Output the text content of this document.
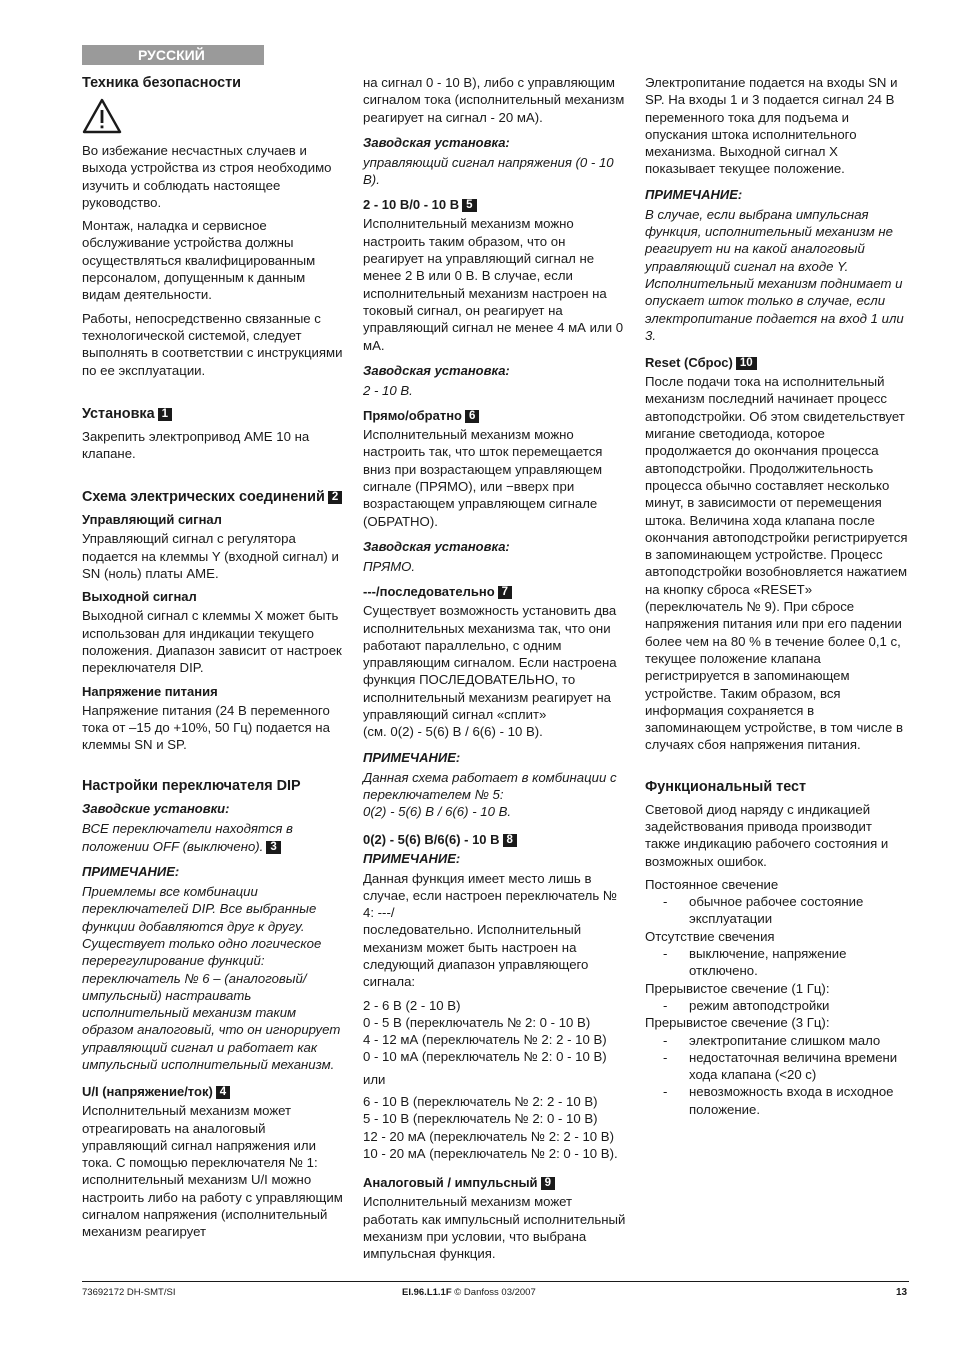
РУССКИЙ
Техника безопасности

Во избежание несчастных случаев и выхода устройства из строя необходимо изучить и соблюдать настоящее руководство.

Монтаж, наладка и сервисное обслуживание устройства должны осуществляться квалифицированным персоналом, допущенным к данным видам деятельности.

Работы, непосредственно связанные с технологической системой, следует выполнять в соответствии с инструкциями по ее эксплуатации.

Установка 1

Закрепить электропривод AME 10 на клапане.

Схема электрических соединений 2
Управляющий сигнал

Управляющий сигнал с регулятора подается на клеммы Y (входной сигнал) и SN (ноль) платы AME.

Выходной сигнал

Выходной сигнал с клеммы X может быть использован для индикации текущего положения. Диапазон зависит от настроек переключателя DIP.

Напряжение питания

Напряжение питания (24 В переменного тока от –15 до +10%, 50 Гц) подается на клеммы SN и SP.

Настройки переключателя DIP
Заводские установки:

ВСЕ переключатели находятся в положении OFF (выключено). 3

ПРИМЕЧАНИЕ:

Приемлемы все комбинации переключателей DIP. Все выбранные функции добавляются друг к другу. Существует только одно логическое перерегулирование функций: переключатель № 6 – (аналоговый/импульсный) настраивать исполнительный механизм таким образом аналоговый, что он игнорирует управляющий сигнал и работает как импульсный исполнительный механизм.

U/I (напряжение/ток) 4

Исполнительный механизм может отреагировать на аналоговый управляющий сигнал напряжения или тока. С помощью переключателя № 1: исполнительный механизм U/I можно настроить либо на работу с управляющим сигналом напряжения (исполнительный механизм реагирует

на сигнал 0 - 10 В), либо с управляющим сигналом тока (исполнительный механизм реагирует на сигнал - 20 мА).

Заводская установка:

управляющий сигнал напряжения (0 - 10 В).

2 - 10 В/0 - 10 В 5

Исполнительный механизм можно настроить таким образом, что он реагирует на управляющий сигнал не менее 2 В или 0 В. В случае, если исполнительный механизм настроен на токовый сигнал, он реагирует на управляющий сигнал не менее 4 мА или 0 мА.

Заводская установка:

2 - 10 В.

Прямо/обратно 6

Исполнительный механизм можно настроить так, что шток перемещается вниз при возрастающем управляющем сигнале (ПРЯМО), или −вверх при возрастающем управляющем сигнале (ОБРАТНО).

Заводская установка:

ПРЯМО.

---/последовательно 7

Существует возможность установить два исполнительных механизма так, что они работают параллельно, с одним управляющим сигналом. Если настроена функция ПОСЛЕДОВАТЕЛЬНО, то исполнительный механизм реагирует на управляющий сигнал «сплит»

(см. 0(2) - 5(6) В / 6(6) - 10 В).

ПРИМЕЧАНИЕ:

Данная схема работает в комбинации с переключателем № 5:

0(2) - 5(6) В / 6(6) - 10 В.

0(2) - 5(6) В/6(6) - 10 В 8
ПРИМЕЧАНИЕ:

Данная функция имеет место лишь в случае, если настроен переключатель № 4: ---/

последовательно. Исполнительный механизм может быть настроен на следующий диапазон управляющего сигнала:

2 - 6 В (2 - 10 В)
0 - 5 В (переключатель № 2: 0 - 10 В)
4 - 12 мА (переключатель № 2: 2 - 10 В)
0 - 10 мА (переключатель № 2: 0 - 10 В)

или

6 - 10 В (переключатель № 2: 2 - 10 В)
5 - 10 В (переключатель № 2: 0 - 10 В)
12 - 20 мА (переключатель № 2: 2 - 10 В)
10 - 20 мА (переключатель № 2: 0 - 10 В).
Аналоговый / импульсный 9

Исполнительный механизм может работать как импульсный исполнительный механизм при условии, что выбрана импульсная функция.

Электропитание подается на входы SN и SP. На входы 1 и 3 подается сигнал 24 В переменного тока для подъема и опускания штока исполнительного механизма. Выходной сигнал X показывает текущее положение.

ПРИМЕЧАНИЕ:

В случае, если выбрана импульсная функция, исполнительный механизм не реагирует ни на какой аналоговый управляющий сигнал на входе Y. Исполнительный механизм поднимает и опускает шток только в случае, если электропитание подается на вход 1 или 3.

Reset (Сброс) 10

После подачи тока на исполнительный механизм последний начинает процесс автоподстройки. Об этом свидетельствует мигание светодиода, которое продолжается до окончания процесса автоподстройки. Продолжительность процесса обычно составляет несколько минут, в зависимости от перемещения штока. Величина хода клапана после окончания автоподстройки регистрируется в запоминающем устройстве. Процесс автоподстройки возобновляется нажатием на кнопку сброса «RESET» (переключатель № 9). При сбросе напряжения питания или при его падении более чем на 80 % в течение более 0,1 с, текущее положение клапана регистрируется в запоминающем устройстве. Таким образом, вся информация сохраняется в запоминающем устройстве, в том числе в случаях сбоя напряжения питания.

Функциональный тест

Световой диод наряду с индикацией задействования привода производит также индикацию рабочего состояния и возможных ошибок.

Постоянное свечение
-	обычное рабочее состояние эксплуатации
Отсутствие свечения
-	выключение, напряжение отключено.
Прерывистое свечение (1 Гц):
-	режим автоподстройки
Прерывистое свечение (3 Гц):
-	электропитание слишком мало
-	недостаточная величина времени хода клапана (<20 с)
-	невозможность входа в исходное положение.
73692172 DH-SMT/SI	EI.96.L1.1F © Danfoss 03/2007	13
